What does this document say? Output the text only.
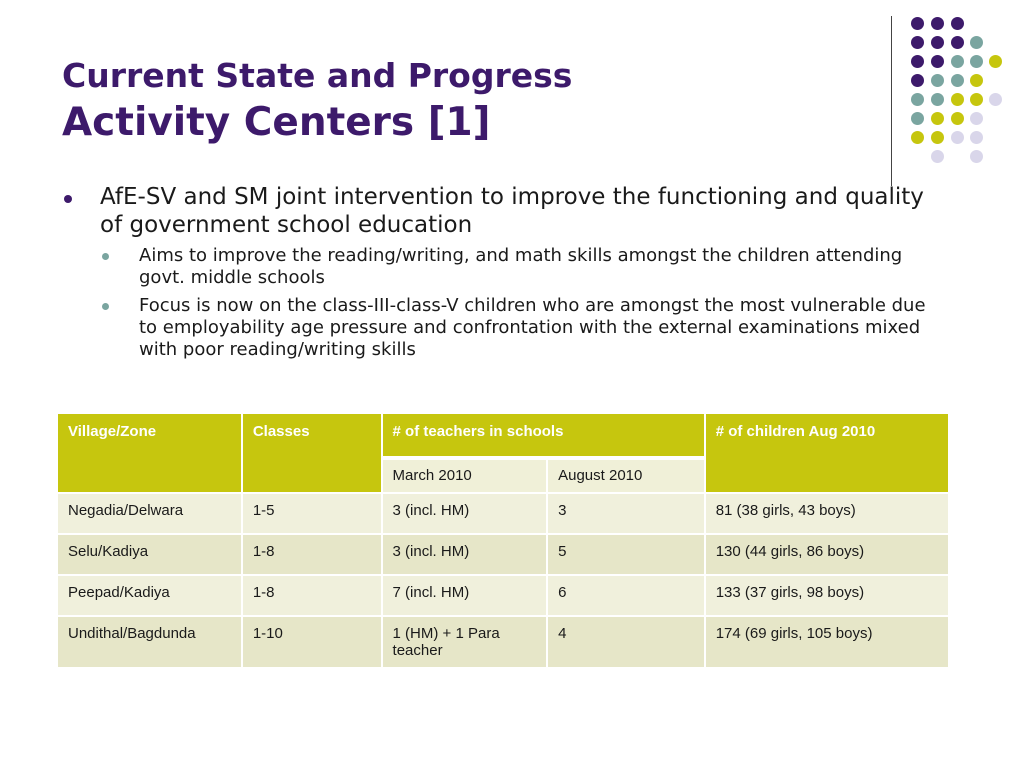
Current State and Progress
Activity Centers [1]
AfE-SV and SM joint intervention to improve the functioning and quality of government school education
Aims to improve the reading/writing, and math skills amongst the children attending govt. middle schools
Focus is now on the class-III-class-V children who are amongst the most vulnerable due to employability age pressure and confrontation with the external examinations mixed with poor reading/writing skills
Village/Zone	Classes	# of teachers in schools		# of children Aug 2010
		March 2010	August 2010	
Negadia/Delwara	1-5	3 (incl. HM)	3	81 (38 girls, 43 boys)
Selu/Kadiya	1-8	3 (incl. HM)	5	130 (44 girls, 86 boys)
Peepad/Kadiya	1-8	7 (incl. HM)	6	133 (37 girls, 98 boys)
Undithal/Bagdunda	1-10	1 (HM) + 1 Para teacher	4	174 (69 girls, 105 boys)
